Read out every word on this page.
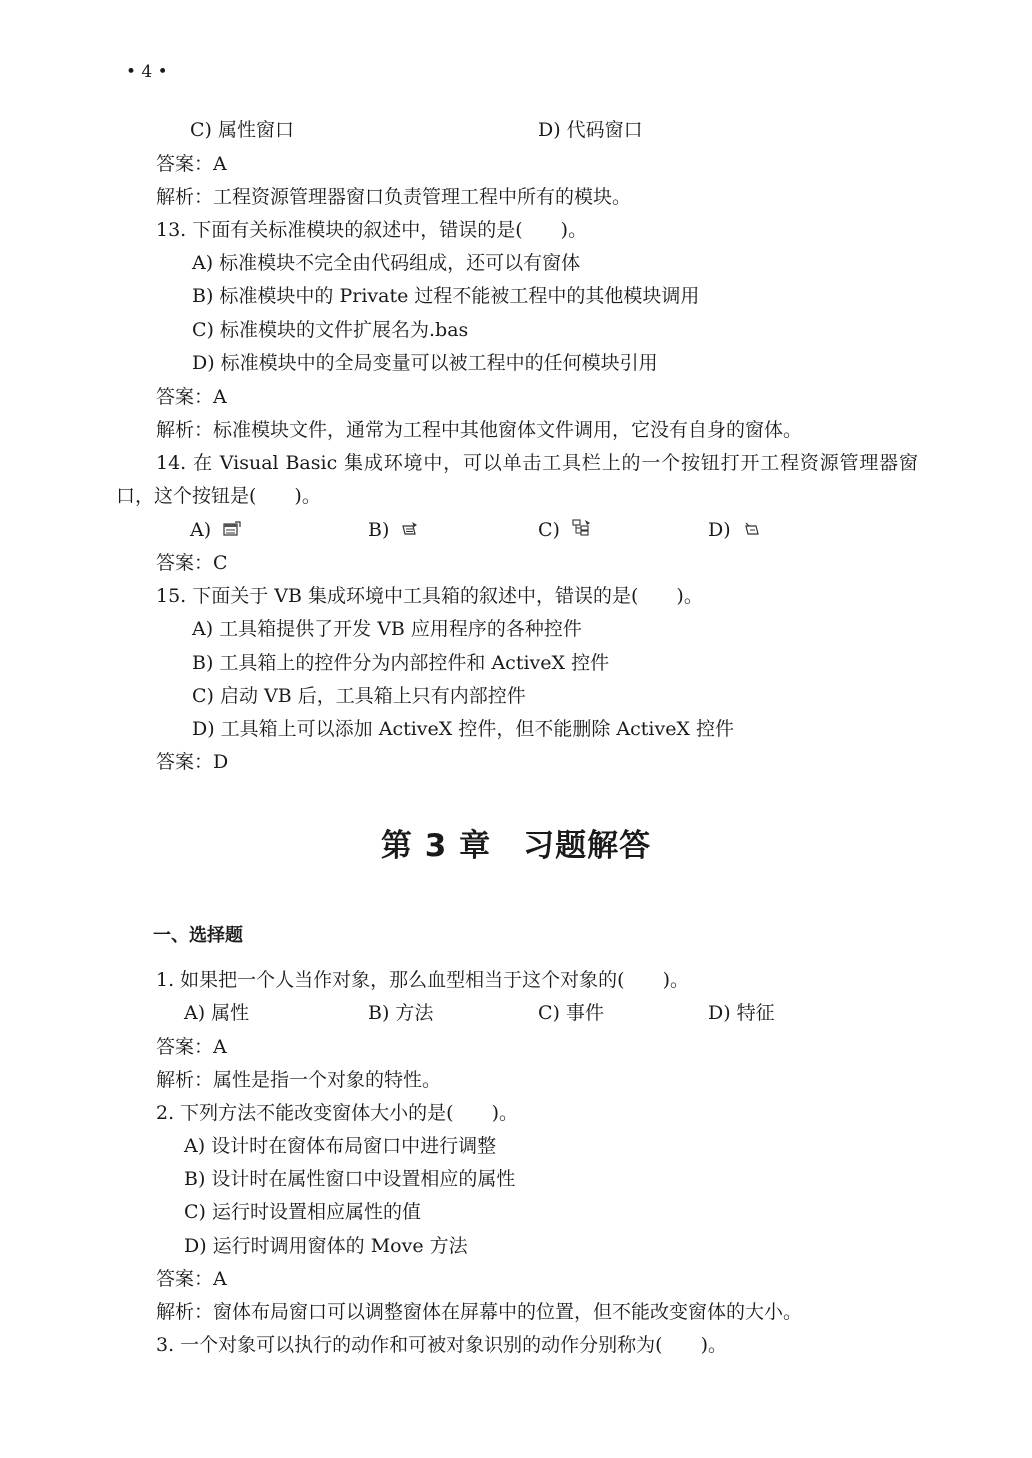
• 4 •
C) 属性窗口	D) 代码窗口
答案：A
解析：工程资源管理器窗口负责管理工程中所有的模块。
13. 下面有关标准模块的叙述中，错误的是(　　)。
A) 标准模块不完全由代码组成，还可以有窗体
B) 标准模块中的 Private 过程不能被工程中的其他模块调用
C) 标准模块的文件扩展名为.bas
D) 标准模块中的全局变量可以被工程中的任何模块引用
答案：A
解析：标准模块文件，通常为工程中其他窗体文件调用，它没有自身的窗体。
14. 在 Visual Basic 集成环境中，可以单击工具栏上的一个按钮打开工程资源管理器窗
口，这个按钮是(　　)。
A)	B)	C)	D)
答案：C
15. 下面关于 VB 集成环境中工具箱的叙述中，错误的是(　　)。
A) 工具箱提供了开发 VB 应用程序的各种控件
B) 工具箱上的控件分为内部控件和 ActiveX 控件
C) 启动 VB 后，工具箱上只有内部控件
D) 工具箱上可以添加 ActiveX 控件，但不能删除 ActiveX 控件
答案：D
第 3 章　习题解答
一、选择题
1. 如果把一个人当作对象，那么血型相当于这个对象的(　　)。
A) 属性	B) 方法	C) 事件	D) 特征
答案：A
解析：属性是指一个对象的特性。
2. 下列方法不能改变窗体大小的是(　　)。
A) 设计时在窗体布局窗口中进行调整
B) 设计时在属性窗口中设置相应的属性
C) 运行时设置相应属性的值
D) 运行时调用窗体的 Move 方法
答案：A
解析：窗体布局窗口可以调整窗体在屏幕中的位置，但不能改变窗体的大小。
3. 一个对象可以执行的动作和可被对象识别的动作分别称为(　　)。
